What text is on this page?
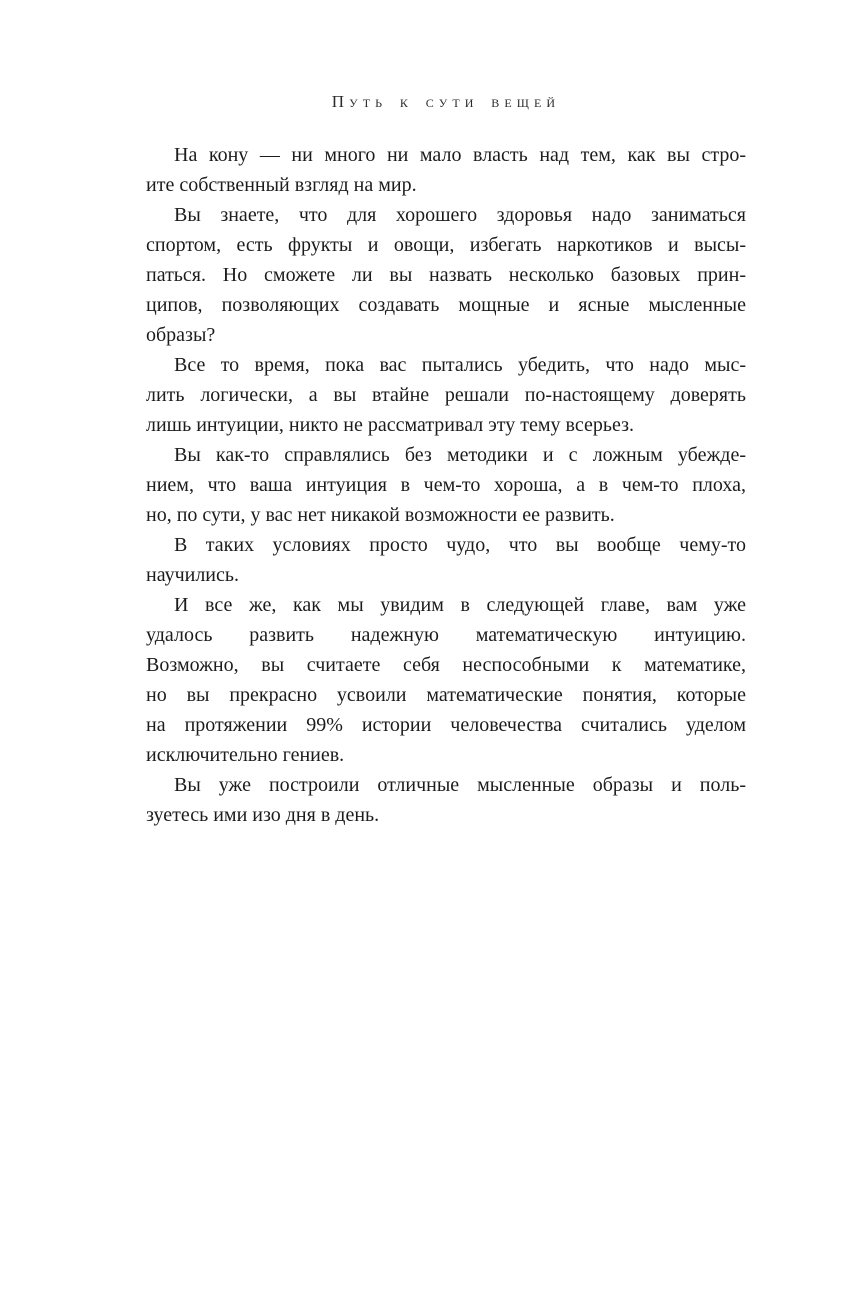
Путь к сути вещей
На кону — ни много ни мало власть над тем, как вы стро-
ите собственный взгляд на мир.
Вы знаете, что для хорошего здоровья надо заниматься
спортом, есть фрукты и овощи, избегать наркотиков и высы-
паться. Но сможете ли вы назвать несколько базовых прин-
ципов, позволяющих создавать мощные и ясные мысленные
образы?
Все то время, пока вас пытались убедить, что надо мыс-
лить логически, а вы втайне решали по-настоящему доверять
лишь интуиции, никто не рассматривал эту тему всерьез.
Вы как-то справлялись без методики и с ложным убежде-
нием, что ваша интуиция в чем-то хороша, а в чем-то плоха,
но, по сути, у вас нет никакой возможности ее развить.
В таких условиях просто чудо, что вы вообще чему-то
научились.
И все же, как мы увидим в следующей главе, вам уже
удалось развить надежную математическую интуицию.
Возможно, вы считаете себя неспособными к математике,
но вы прекрасно усвоили математические понятия, которые
на протяжении 99% истории человечества считались уделом
исключительно гениев.
Вы уже построили отличные мысленные образы и поль-
зуетесь ими изо дня в день.
